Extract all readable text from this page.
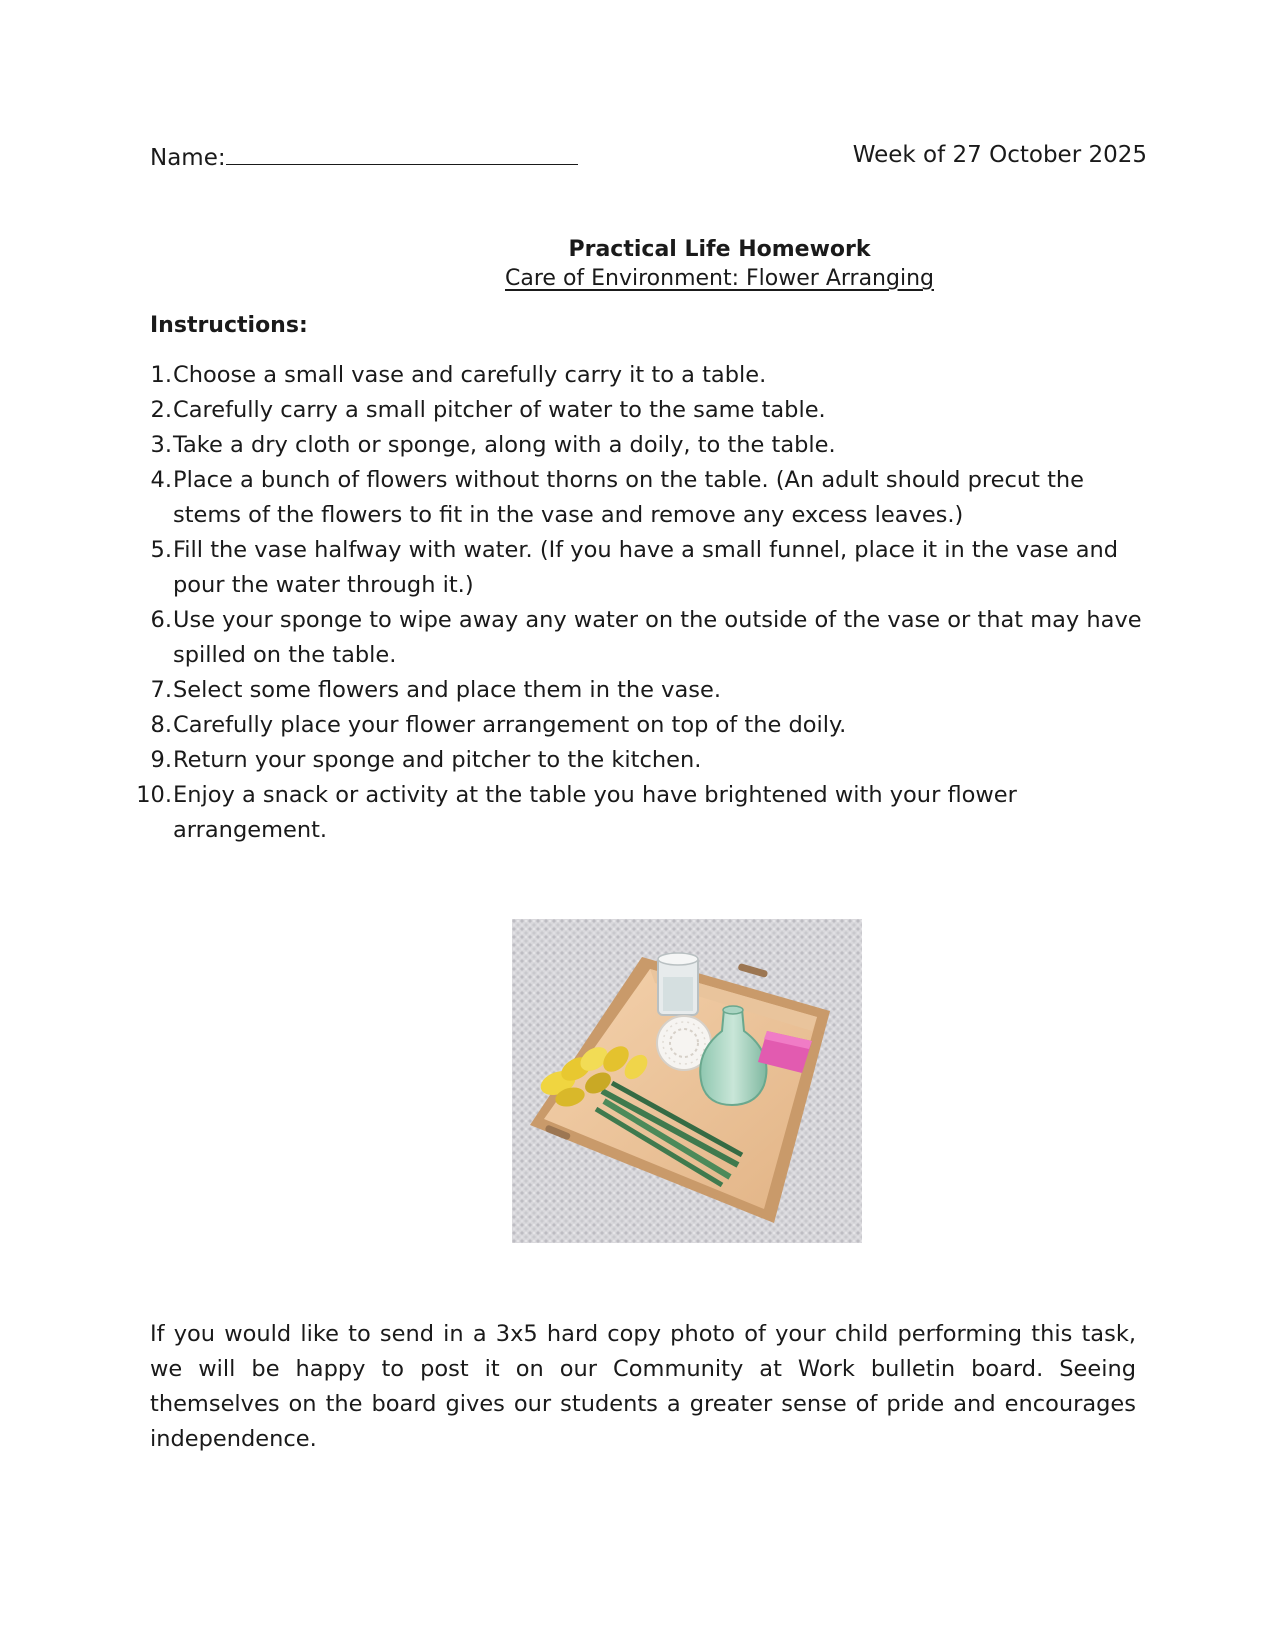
Name:	Week of 27 October 2025
Practical Life Homework
Care of Environment: Flower Arranging
Instructions:
1. Choose a small vase and carefully carry it to a table.
2. Carefully carry a small pitcher of water to the same table.
3. Take a dry cloth or sponge, along with a doily, to the table.
4. Place a bunch of flowers without thorns on the table. (An adult should precut the stems of the flowers to fit in the vase and remove any excess leaves.)
5. Fill the vase halfway with water. (If you have a small funnel, place it in the vase and pour the water through it.)
6. Use your sponge to wipe away any water on the outside of the vase or that may have spilled on the table.
7. Select some flowers and place them in the vase.
8. Carefully place your flower arrangement on top of the doily.
9. Return your sponge and pitcher to the kitchen.
10. Enjoy a snack or activity at the table you have brightened with your flower arrangement.
If you would like to send in a 3x5 hard copy photo of your child performing this task, we will be happy to post it on our Community at Work bulletin board. Seeing themselves on the board gives our students a greater sense of pride and encourages independence.
